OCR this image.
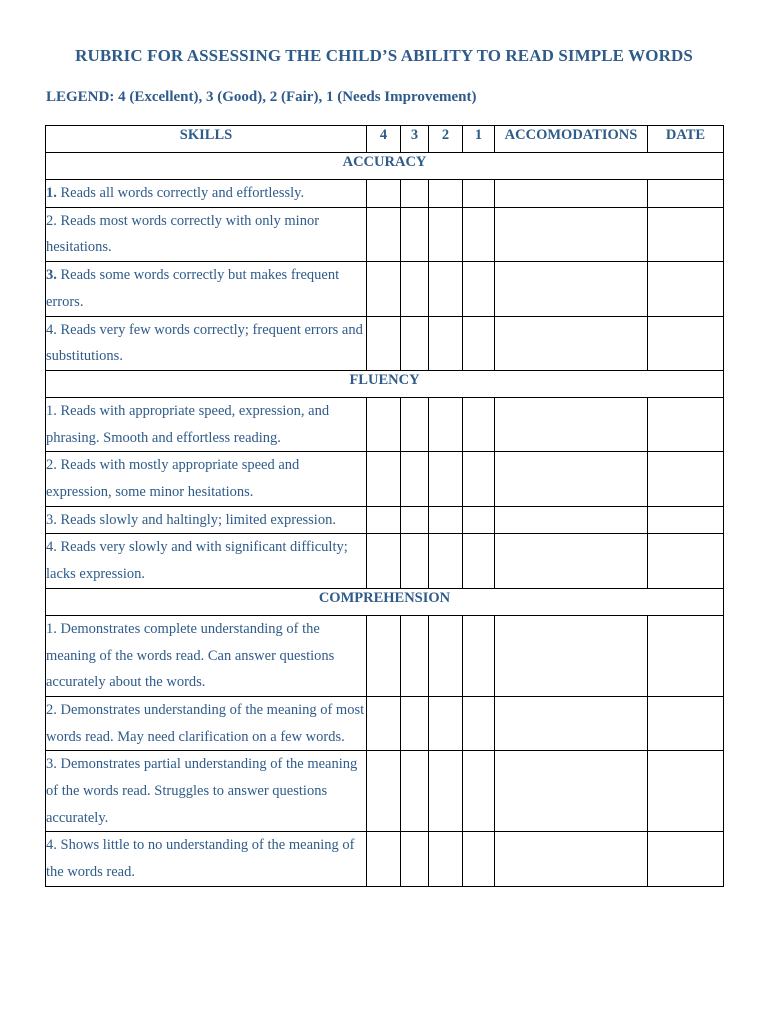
RUBRIC FOR ASSESSING THE CHILD’S ABILITY TO READ SIMPLE WORDS

LEGEND: 4 (Excellent), 3 (Good), 2 (Fair), 1 (Needs Improvement)

SKILLS	4	3	2	1	ACCOMODATIONS	DATE
ACCURACY						
1. Reads all words correctly and effortlessly.						
2. Reads most words correctly with only minor hesitations.						
3. Reads some words correctly but makes frequent errors.						
4. Reads very few words correctly; frequent errors and substitutions.						
FLUENCY						
1. Reads with appropriate speed, expression, and phrasing. Smooth and effortless reading.						
2. Reads with mostly appropriate speed and expression, some minor hesitations.						
3. Reads slowly and haltingly; limited expression.						
4. Reads very slowly and with significant difficulty; lacks expression.						
COMPREHENSION						
1. Demonstrates complete understanding of the meaning of the words read. Can answer questions accurately about the words.						
2. Demonstrates understanding of the meaning of most words read. May need clarification on a few words.						
3. Demonstrates partial understanding of the meaning of the words read. Struggles to answer questions accurately.						
4. Shows little to no understanding of the meaning of the words read.						
